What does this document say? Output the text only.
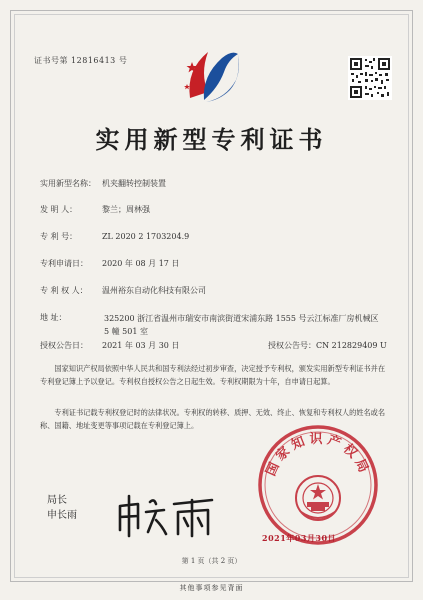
证书号第 12816413 号
实用新型专利证书
实用新型名称： 机夹翻转控制装置
发 明 人：	黎兰；周林强
专 利 号：	ZL 2020 2 1703204.9
专利申请日： 2020 年 08 月 17 日
专 利 权 人： 温州裕东自动化科技有限公司
地 址：	325200 浙江省温州市瑞安市南滨街道宋浦东路 1555 号云江标准厂房机械区 5 幢 501 室
授权公告日： 2021 年 03 月 30 日	授权公告号：CN 212829409 U
国家知识产权局依照中华人民共和国专利法经过初步审查，决定授予专利权，颁发实用新型专利证书并在专利登记簿上予以登记。专利权自授权公告之日起生效。专利权期限为十年，自申请日起算。
专利证书记载专利权登记时的法律状况。专利权的转移、质押、无效、终止、恢复和专利权人的姓名或名称、国籍、地址变更等事项记载在专利登记簿上。
局长
申长雨
国家知识产权局
2021年03月30日
第 1 页（共 2 页）
其他事项参见背面
